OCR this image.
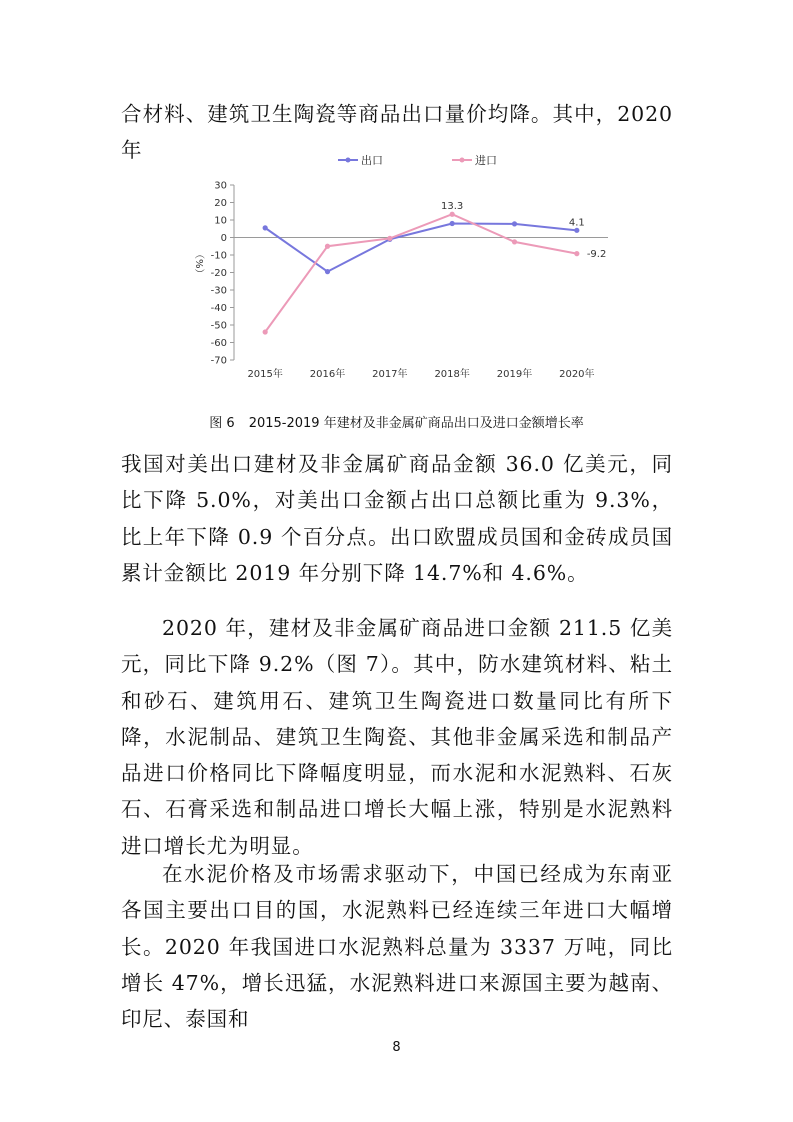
合材料、建筑卫生陶瓷等商品出口量价均降。其中，2020 年

30
20
10
0
-10
-20
-30
-40
-50
-60
-70
（%）
2015年	2016年	2017年	2018年	2019年	2020年
出口	进口
4.1
13.3
-9.2
图 6 2015-2019 年建材及非金属矿商品出口及进口金额增长率

我国对美出口建材及非金属矿商品金额 36.0 亿美元，同比下降 5.0%，对美出口金额占出口总额比重为 9.3%，比上年下降 0.9 个百分点。出口欧盟成员国和金砖成员国累计金额比 2019 年分别下降 14.7%和 4.6%。

2020 年，建材及非金属矿商品进口金额 211.5 亿美元，同比下降 9.2%（图 7）。其中，防水建筑材料、粘土和砂石、建筑用石、建筑卫生陶瓷进口数量同比有所下降，水泥制品、建筑卫生陶瓷、其他非金属采选和制品产品进口价格同比下降幅度明显，而水泥和水泥熟料、石灰石、石膏采选和制品进口增长大幅上涨，特别是水泥熟料进口增长尤为明显。

在水泥价格及市场需求驱动下，中国已经成为东南亚各国主要出口目的国，水泥熟料已经连续三年进口大幅增长。2020 年我国进口水泥熟料总量为 3337 万吨，同比增长 47%，增长迅猛，水泥熟料进口来源国主要为越南、印尼、泰国和

8
